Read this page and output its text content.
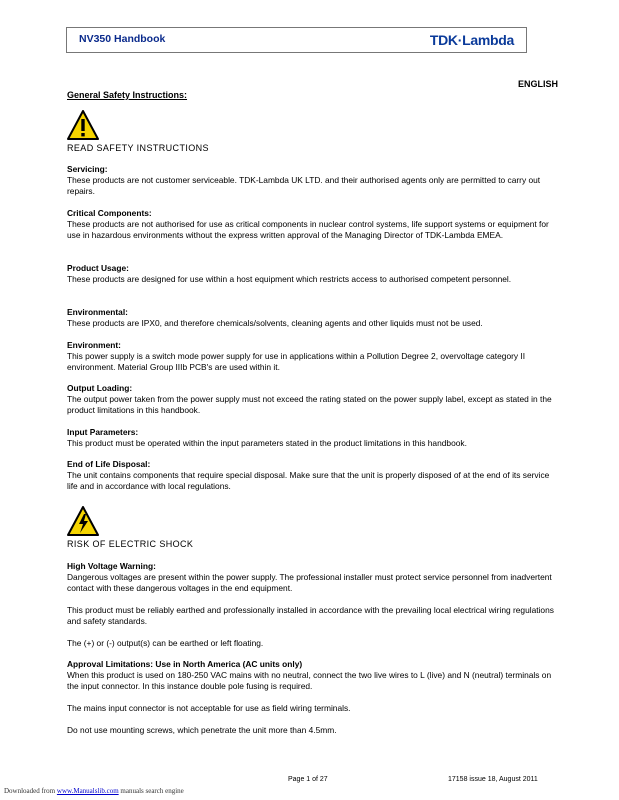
NV350 Handbook	TDK·Lambda
ENGLISH
General Safety Instructions:
READ SAFETY INSTRUCTIONS
Servicing:

These products are not customer serviceable. TDK-Lambda UK LTD. and their authorised agents only are permitted to carry out repairs.

Critical Components:

These products are not authorised for use as critical components in nuclear control systems, life support systems or equipment for use in hazardous environments without the express written approval of the Managing Director of TDK-Lambda EMEA.

Product Usage:

These products are designed for use within a host equipment which restricts access to authorised competent personnel.

Environmental:

These products are IPX0, and therefore chemicals/solvents, cleaning agents and other liquids must not be used.

Environment:

This power supply is a switch mode power supply for use in applications within a Pollution Degree 2, overvoltage category II environment. Material Group IIIb PCB's are used within it.

Output Loading:

The output power taken from the power supply must not exceed the rating stated on the power supply label, except as stated in the product limitations in this handbook.

Input Parameters:

This product must be operated within the input parameters stated in the product limitations in this handbook.

End of Life Disposal:

The unit contains components that require special disposal. Make sure that the unit is properly disposed of at the end of its service life and in accordance with local regulations.

RISK OF ELECTRIC SHOCK
High Voltage Warning:

Dangerous voltages are present within the power supply. The professional installer must protect service personnel from inadvertent contact with these dangerous voltages in the end equipment.

This product must be reliably earthed and professionally installed in accordance with the prevailing local electrical wiring regulations and safety standards.

The (+) or (-) output(s) can be earthed or left floating.

Approval Limitations: Use in North America (AC units only)

When this product is used on 180-250 VAC mains with no neutral, connect the two live wires to L (live) and N (neutral) terminals on the input connector. In this instance double pole fusing is required.

The mains input connector is not acceptable for use as field wiring terminals.

Do not use mounting screws, which penetrate the unit more than 4.5mm.

Page 1 of 27	17158 issue 18, August 2011
Downloaded from www.Manualslib.com manuals search engine
